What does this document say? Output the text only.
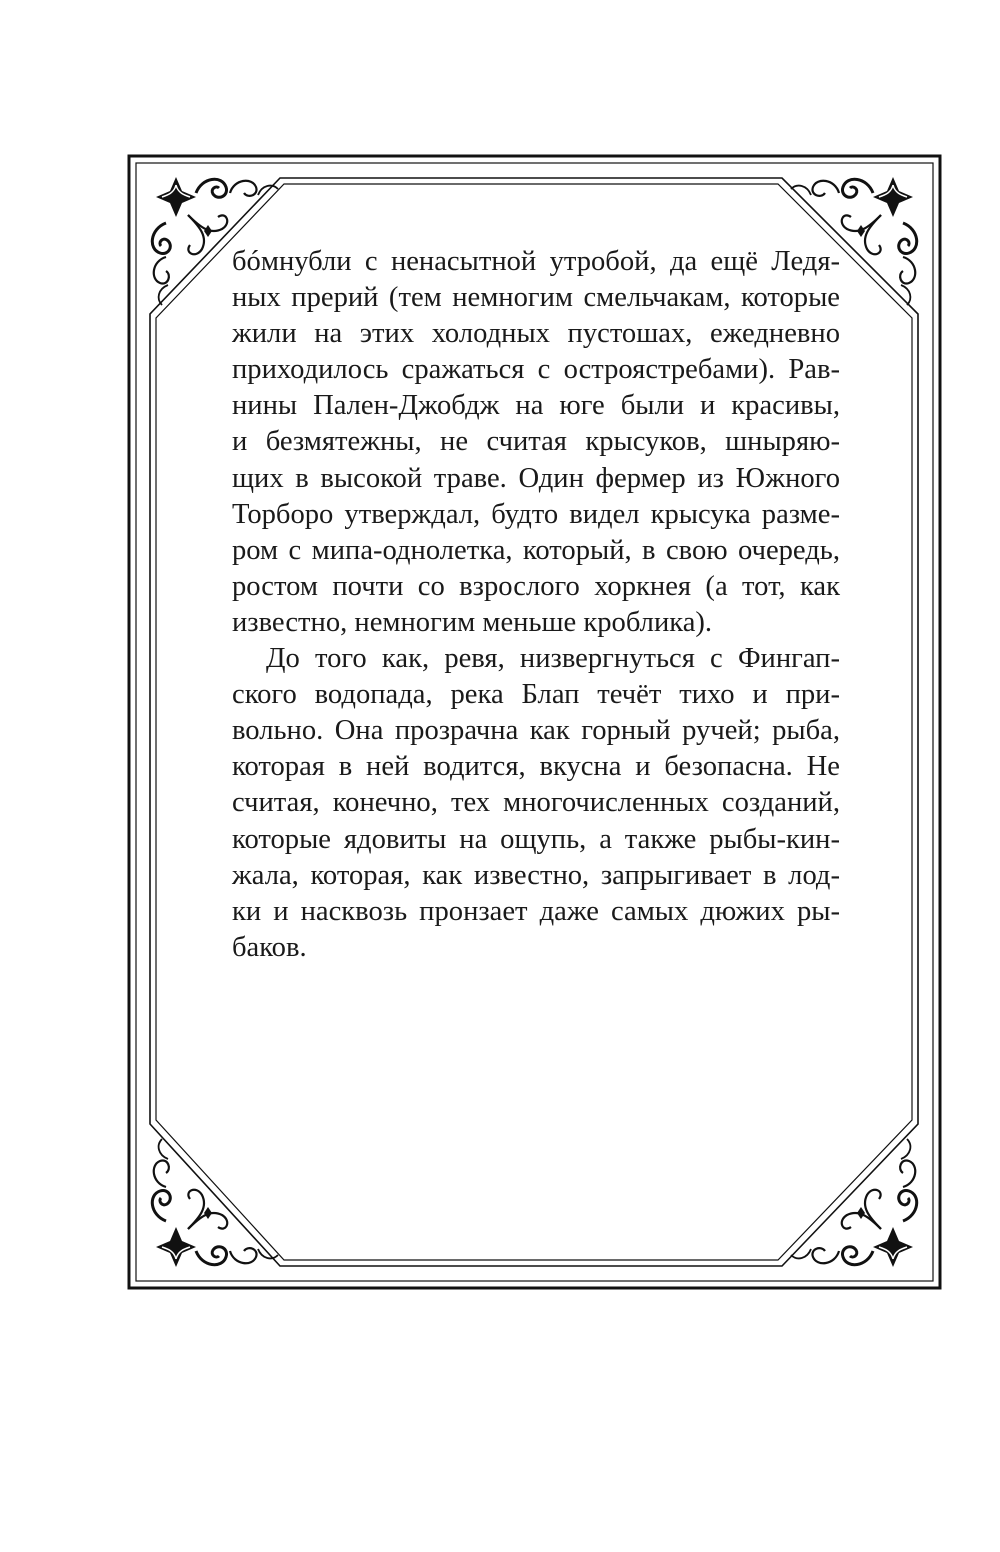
бóмнубли с ненасытной утробой, да ещё Ледя-
ных прерий (тем немногим смельчакам, которые
жили на этих холодных пустошах, ежедневно
приходилось сражаться с остроястребами). Рав-
нины Пален-Джобдж на юге были и красивы,
и безмятежны, не считая крысуков, шныряю-
щих в высокой траве. Один фермер из Южного
Торборо утверждал, будто видел крысука разме-
ром с мипа-однолетка, который, в свою очередь,
ростом почти со взрослого хоркнея (а тот, как
известно, немногим меньше кроблика).

До того как, ревя, низвергнуться с Фингап-
ского водопада, река Блап течёт тихо и при-
вольно. Она прозрачна как горный ручей; рыба,
которая в ней водится, вкусна и безопасна. Не
считая, конечно, тех многочисленных созданий,
которые ядовиты на ощупь, а также рыбы-кин-
жала, которая, как известно, запрыгивает в лод-
ки и насквозь пронзает даже самых дюжих ры-
баков.
